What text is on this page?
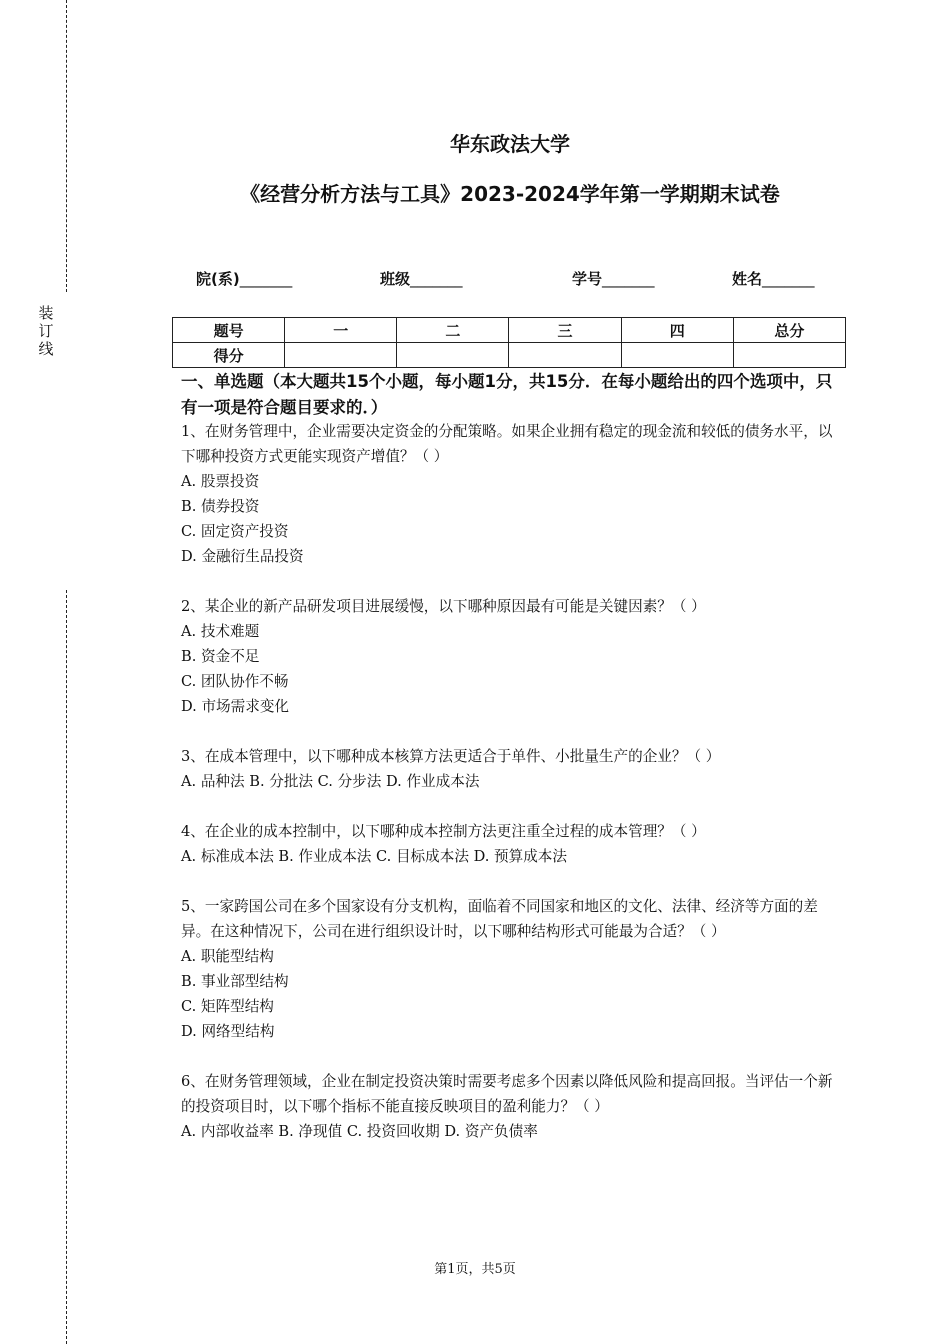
装
订
线
华东政法大学
《经营分析方法与工具》2023-2024学年第一学期期末试卷
院(系)_______	班级_______	学号_______	姓名_______
题号	一	二	三	四	总分
得分					
一、单选题（本大题共15个小题，每小题1分，共15分．在每小题给出的四个选项中，只有一项是符合题目要求的．）

1、在财务管理中，企业需要决定资金的分配策略。如果企业拥有稳定的现金流和较低的债务水平，以下哪种投资方式更能实现资产增值？（ ）

A. 股票投资

B. 债券投资

C. 固定资产投资

D. 金融衍生品投资

2、某企业的新产品研发项目进展缓慢，以下哪种原因最有可能是关键因素？（ ）

A. 技术难题

B. 资金不足

C. 团队协作不畅

D. 市场需求变化

3、在成本管理中，以下哪种成本核算方法更适合于单件、小批量生产的企业？（ ）

A. 品种法 B. 分批法 C. 分步法 D. 作业成本法

4、在企业的成本控制中，以下哪种成本控制方法更注重全过程的成本管理？（ ）

A. 标准成本法 B. 作业成本法 C. 目标成本法 D. 预算成本法

5、一家跨国公司在多个国家设有分支机构，面临着不同国家和地区的文化、法律、经济等方面的差异。在这种情况下，公司在进行组织设计时，以下哪种结构形式可能最为合适？（ ）

A. 职能型结构

B. 事业部型结构

C. 矩阵型结构

D. 网络型结构

6、在财务管理领域，企业在制定投资决策时需要考虑多个因素以降低风险和提高回报。当评估一个新的投资项目时，以下哪个指标不能直接反映项目的盈利能力？（ ）

A. 内部收益率 B. 净现值 C. 投资回收期 D. 资产负债率

第1页，共5页
